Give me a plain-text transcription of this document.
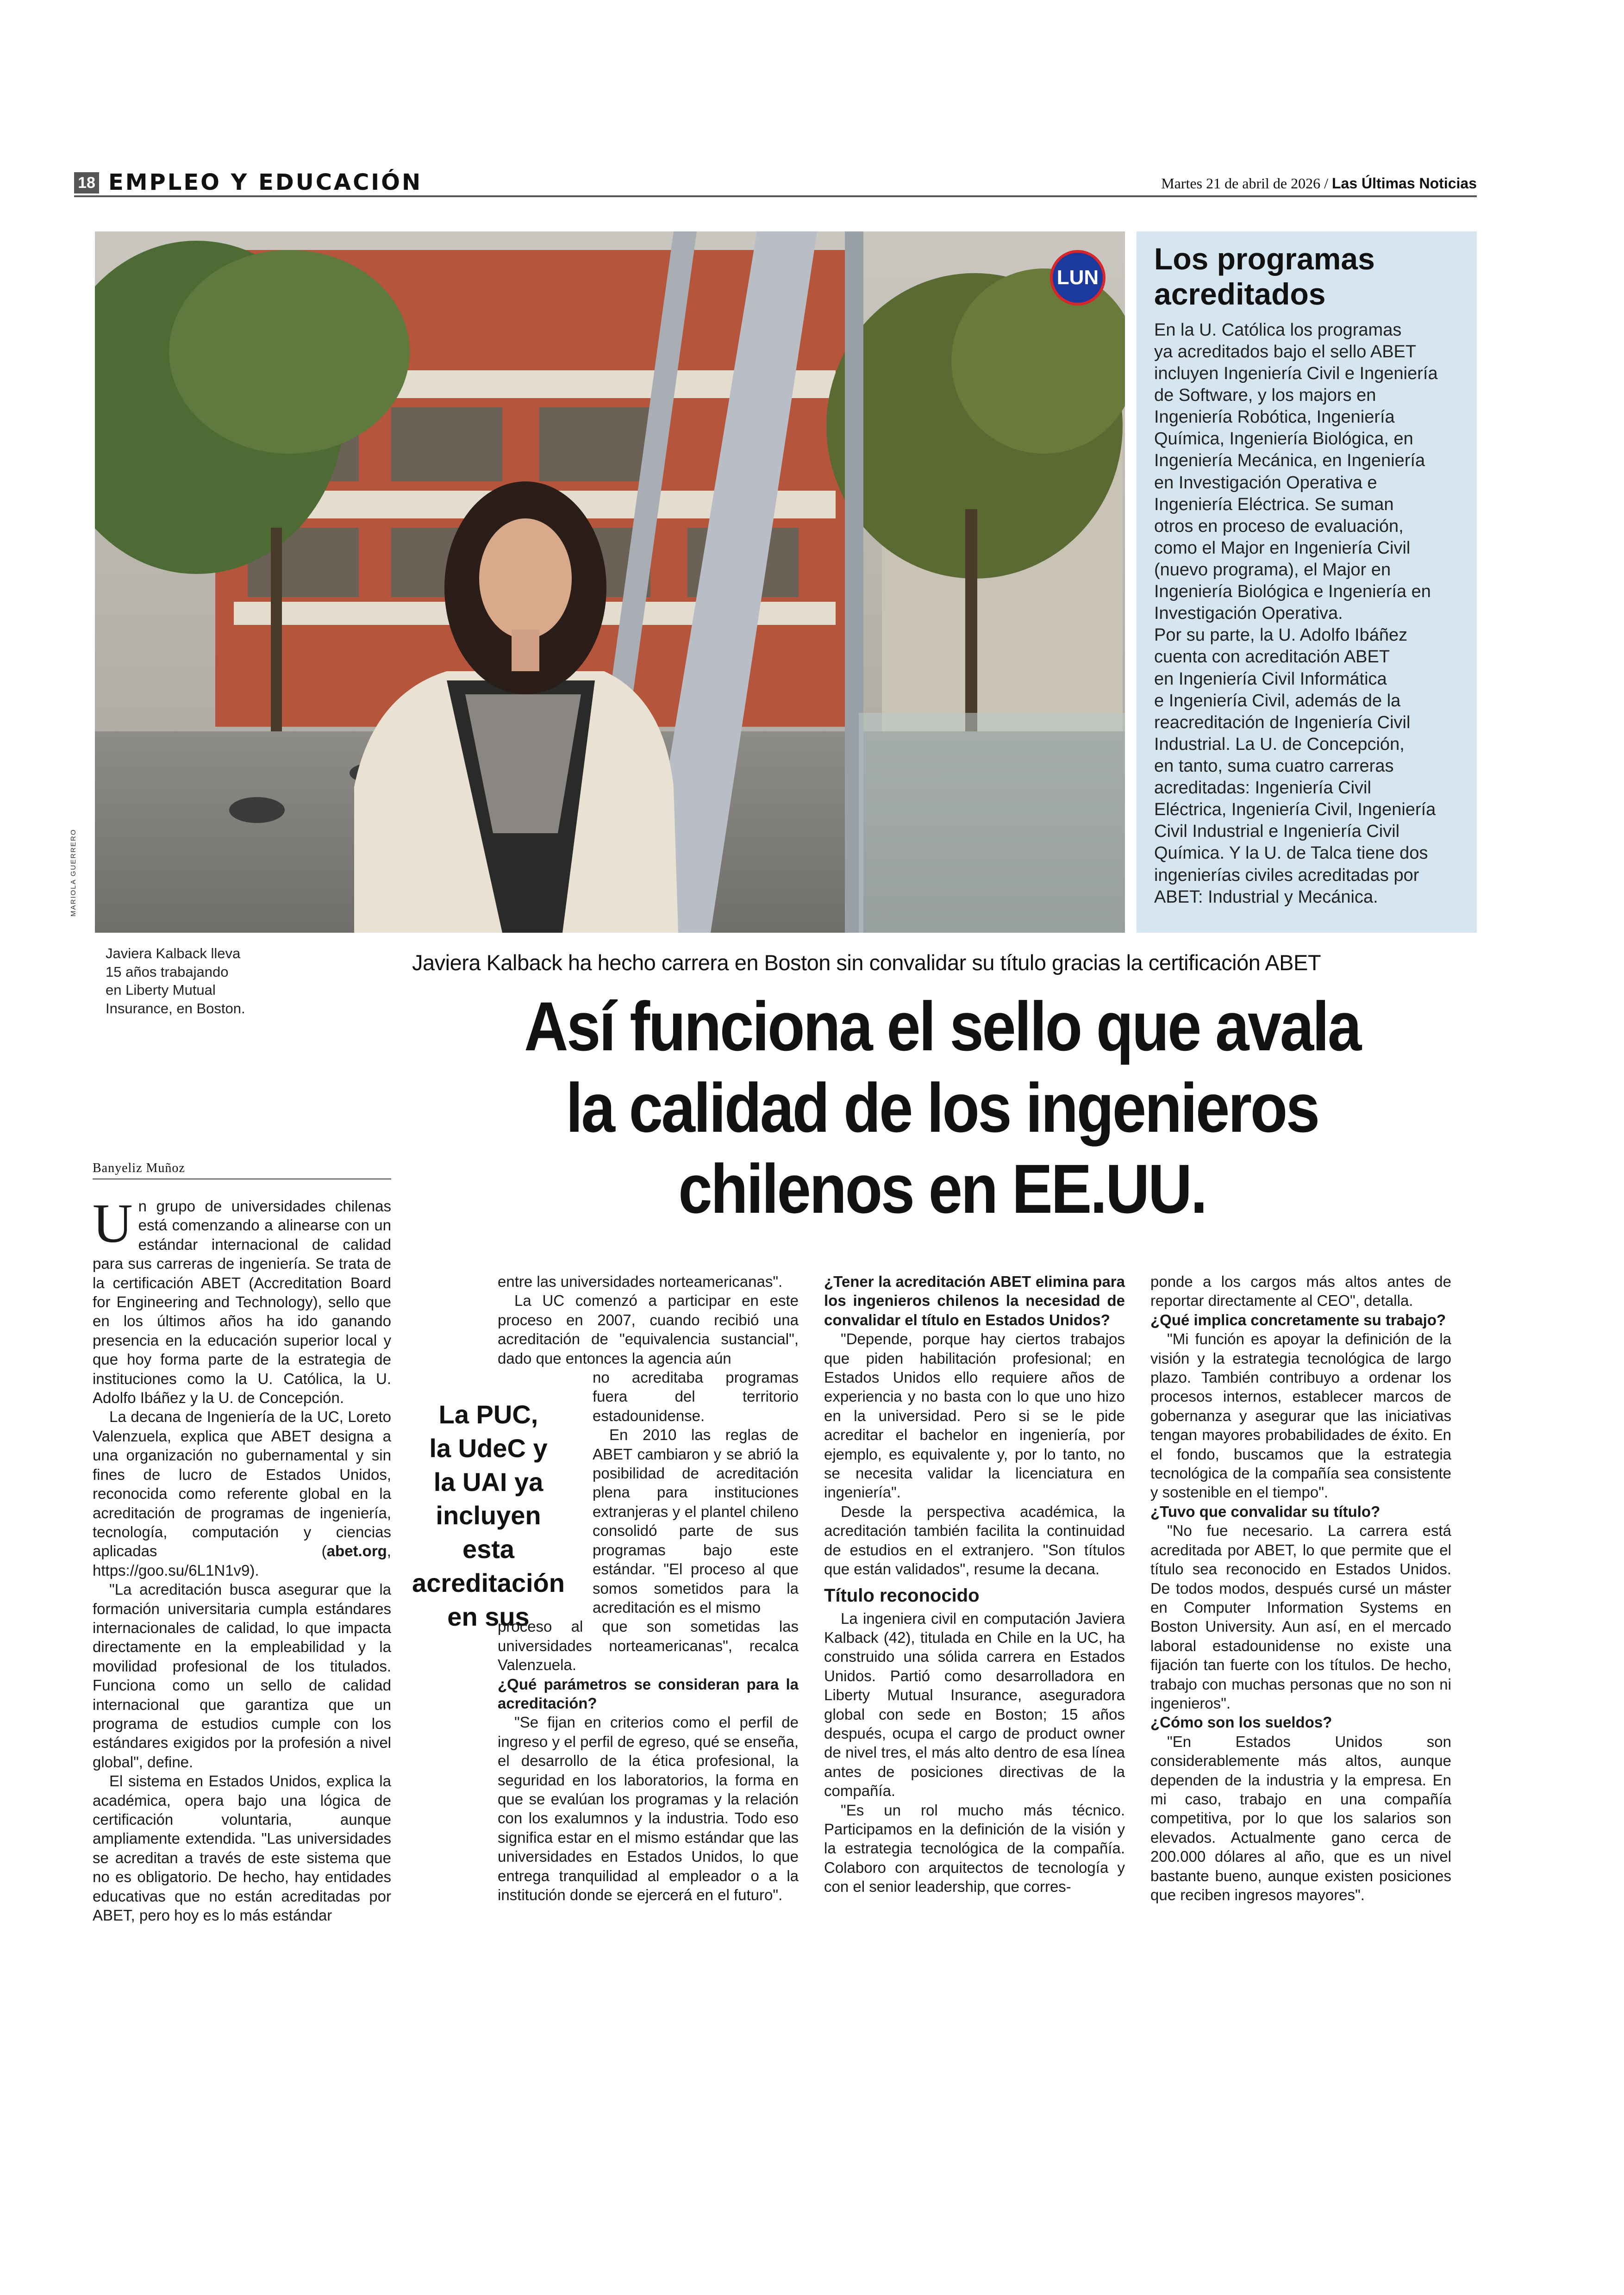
18 EMPLEO Y EDUCACIÓN	Martes 21 de abril de 2026 / Las Últimas Noticias
LUN
MARIOLA GUERRERO
Los programas acreditados

En la U. Católica los programas
ya acreditados bajo el sello ABET
incluyen Ingeniería Civil e Ingeniería
de Software, y los majors en
Ingeniería Robótica, Ingeniería
Química, Ingeniería Biológica, en
Ingeniería Mecánica, en Ingeniería
en Investigación Operativa e
Ingeniería Eléctrica. Se suman
otros en proceso de evaluación,
como el Major en Ingeniería Civil
(nuevo programa), el Major en
Ingeniería Biológica e Ingeniería en
Investigación Operativa.
Por su parte, la U. Adolfo Ibáñez
cuenta con acreditación ABET
en Ingeniería Civil Informática
e Ingeniería Civil, además de la
reacreditación de Ingeniería Civil
Industrial. La U. de Concepción,
en tanto, suma cuatro carreras
acreditadas: Ingeniería Civil
Eléctrica, Ingeniería Civil, Ingeniería
Civil Industrial e Ingeniería Civil
Química. Y la U. de Talca tiene dos
ingenierías civiles acreditadas por
ABET: Industrial y Mecánica.

Javiera Kalback lleva
15 años trabajando
en Liberty Mutual
Insurance, en Boston.
Javiera Kalback ha hecho carrera en Boston sin convalidar su título gracias la certificación ABET
Así funciona el sello que avala
la calidad de los ingenieros
chilenos en EE.UU.
Banyeliz Muñoz

Un grupo de universidades chilenas está comenzando a alinearse con un estándar internacional de calidad para sus carreras de ingeniería. Se trata de la certificación ABET (Accreditation Board for Engineering and Technology), sello que en los últimos años ha ido ganando presencia en la educación superior local y que hoy forma parte de la estrategia de instituciones como la U. Católica, la U. Adolfo Ibáñez y la U. de Concepción.

La decana de Ingeniería de la UC, Loreto Valenzuela, explica que ABET designa a una organización no gubernamental y sin fines de lucro de Estados Unidos, reconocida como referente global en la acreditación de programas de ingeniería, tecnología, computación y ciencias aplicadas (abet.org, https://goo.su/6L1N1v9).

"La acreditación busca asegurar que la formación universitaria cumpla estándares internacionales de calidad, lo que impacta directamente en la empleabilidad y la movilidad profesional de los titulados. Funciona como un sello de calidad internacional que garantiza que un programa de estudios cumple con los estándares exigidos por la profesión a nivel global", define.

El sistema en Estados Unidos, explica la académica, opera bajo una lógica de certificación voluntaria, aunque ampliamente extendida. "Las universidades se acreditan a través de este sistema que no es obligatorio. De hecho, hay entidades educativas que no están acreditadas por ABET, pero hoy es lo más estándar

La PUC,
la UdeC y
la UAI ya
incluyen esta
acreditación
en sus

entre las universidades norteamericanas".

La UC comenzó a participar en este proceso en 2007, cuando recibió una acreditación de "equivalencia sustancial", dado que entonces la agencia aún

no acreditaba programas fuera del territorio estadounidense.

En 2010 las reglas de ABET cambiaron y se abrió la posibilidad de acreditación plena para instituciones extranjeras y el plantel chileno consolidó parte de sus programas bajo este estándar. "El proceso al que somos sometidos para la acreditación es el mismo

proceso al que son sometidas las universidades norteamericanas", recalca Valenzuela.

¿Qué parámetros se consideran para la acreditación?

"Se fijan en criterios como el perfil de ingreso y el perfil de egreso, qué se enseña, el desarrollo de la ética profesional, la seguridad en los laboratorios, la forma en que se evalúan los programas y la relación con los exalumnos y la industria. Todo eso significa estar en el mismo estándar que las universidades en Estados Unidos, lo que entrega tranquilidad al empleador o a la institución donde se ejercerá en el futuro".

¿Tener la acreditación ABET elimina para los ingenieros chilenos la necesidad de convalidar el título en Estados Unidos?

"Depende, porque hay ciertos trabajos que piden habilitación profesional; en Estados Unidos ello requiere años de experiencia y no basta con lo que uno hizo en la universidad. Pero si se le pide acreditar el bachelor en ingeniería, por ejemplo, es equivalente y, por lo tanto, no se necesita validar la licenciatura en ingeniería".

Desde la perspectiva académica, la acreditación también facilita la continuidad de estudios en el extranjero. "Son títulos que están validados", resume la decana.

Título reconocido

La ingeniera civil en computación Javiera Kalback (42), titulada en Chile en la UC, ha construido una sólida carrera en Estados Unidos. Partió como desarrolladora en Liberty Mutual Insurance, aseguradora global con sede en Boston; 15 años después, ocupa el cargo de product owner de nivel tres, el más alto dentro de esa línea antes de posiciones directivas de la compañía.

"Es un rol mucho más técnico. Participamos en la definición de la visión y la estrategia tecnológica de la compañía. Colaboro con arquitectos de tecnología y con el senior leadership, que corres-

ponde a los cargos más altos antes de reportar directamente al CEO", detalla.

¿Qué implica concretamente su trabajo?

"Mi función es apoyar la definición de la visión y la estrategia tecnológica de largo plazo. También contribuyo a ordenar los procesos internos, establecer marcos de gobernanza y asegurar que las iniciativas tengan mayores probabilidades de éxito. En el fondo, buscamos que la estrategia tecnológica de la compañía sea consistente y sostenible en el tiempo".

¿Tuvo que convalidar su título?

"No fue necesario. La carrera está acreditada por ABET, lo que permite que el título sea reconocido en Estados Unidos. De todos modos, después cursé un máster en Computer Information Systems en Boston University. Aun así, en el mercado laboral estadounidense no existe una fijación tan fuerte con los títulos. De hecho, trabajo con muchas personas que no son ni ingenieros".

¿Cómo son los sueldos?

"En Estados Unidos son considerablemente más altos, aunque dependen de la industria y la empresa. En mi caso, trabajo en una compañía competitiva, por lo que los salarios son elevados. Actualmente gano cerca de 200.000 dólares al año, que es un nivel bastante bueno, aunque existen posiciones que reciben ingresos mayores".
